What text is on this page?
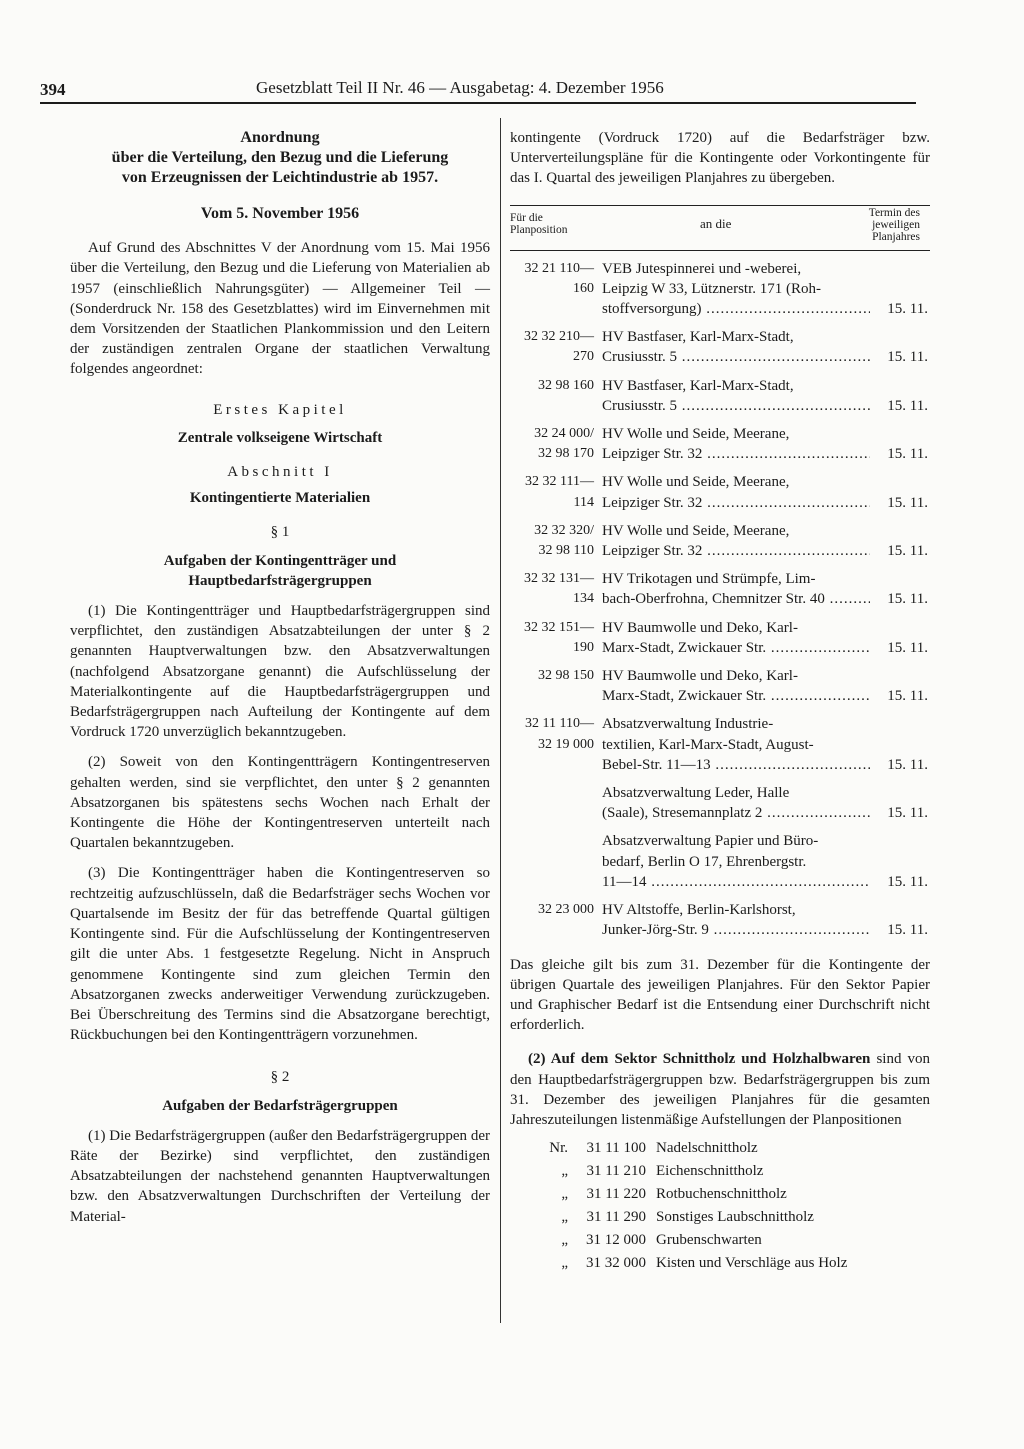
394	Gesetzblatt Teil II Nr. 46 — Ausgabetag: 4. Dezember 1956
Anordnung
über die Verteilung, den Bezug und die Lieferung
von Erzeugnissen der Leichtindustrie ab 1957.
Vom 5. November 1956

Auf Grund des Abschnittes V der Anordnung vom 15. Mai 1956 über die Verteilung, den Bezug und die Lieferung von Materialien ab 1957 (einschließlich Nahrungsgüter) — Allgemeiner Teil — (Sonderdruck Nr. 158 des Gesetzblattes) wird im Einvernehmen mit dem Vorsitzenden der Staatlichen Plankommission und den Leitern der zuständigen zentralen Organe der staatlichen Verwaltung folgendes angeordnet:

Erstes Kapitel
Zentrale volkseigene Wirtschaft
Abschnitt I
Kontingentierte Materialien
§ 1
Aufgaben der Kontingentträger und
Hauptbedarfsträgergruppen

(1) Die Kontingentträger und Hauptbedarfsträgergruppen sind verpflichtet, den zuständigen Absatzabteilungen der unter § 2 genannten Hauptverwaltungen bzw. den Absatzverwaltungen (nachfolgend Absatzorgane genannt) die Aufschlüsselung der Materialkontingente auf die Hauptbedarfsträgergruppen und Bedarfsträgergruppen nach Aufteilung der Kontingente auf dem Vordruck 1720 unverzüglich bekanntzugeben.

(2) Soweit von den Kontingentträgern Kontingentreserven gehalten werden, sind sie verpflichtet, den unter § 2 genannten Absatzorganen bis spätestens sechs Wochen nach Erhalt der Kontingente die Höhe der Kontingentreserven unterteilt nach Quartalen bekanntzugeben.

(3) Die Kontingentträger haben die Kontingentreserven so rechtzeitig aufzuschlüsseln, daß die Bedarfsträger sechs Wochen vor Quartalsende im Besitz der für das betreffende Quartal gültigen Kontingente sind. Für die Aufschlüsselung der Kontingentreserven gilt die unter Abs. 1 festgesetzte Regelung. Nicht in Anspruch genommene Kontingente sind zum gleichen Termin den Absatzorganen zwecks anderweitiger Verwendung zurückzugeben. Bei Überschreitung des Termins sind die Absatzorgane berechtigt, Rückbuchungen bei den Kontingentträgern vorzunehmen.

§ 2
Aufgaben der Bedarfsträgergruppen

(1) Die Bedarfsträgergruppen (außer den Bedarfsträgergruppen der Räte der Bezirke) sind verpflichtet, den zuständigen Absatzabteilungen der nachstehend genannten Hauptverwaltungen bzw. den Absatzverwaltungen Durchschriften der Verteilung der Material-

kontingente (Vordruck 1720) auf die Bedarfsträger bzw. Unterverteilungspläne für die Kontingente oder Vorkontingente für das I. Quartal des jeweiligen Planjahres zu übergeben.

Für die
Planposition	an die
Termin des
jeweiligen
Planjahres
32 21 110—
160
VEB Jutespinnerei und -weberei,
Leipzig W 33, Lütznerstr. 171 (Roh-
stoffversorgung) .....	15. 11.
32 32 210—
270
HV Bastfaser, Karl-Marx-Stadt,
Crusiusstr. 5 .....	15. 11.
32 98 160 HV Bastfaser, Karl-Marx-Stadt,
Crusiusstr. 5 .....	15. 11.
32 24 000/
32 98 170
HV Wolle und Seide, Meerane,
Leipziger Str. 32 .....	15. 11.
32 32 111—
114
HV Wolle und Seide, Meerane,
Leipziger Str. 32 .....	15. 11.
32 32 320/
32 98 110
HV Wolle und Seide, Meerane,
Leipziger Str. 32 .....	15. 11.
32 32 131—
134
HV Trikotagen und Strümpfe, Lim-
bach-Oberfrohna, Chemnitzer Str. 40 .....	15. 11.
32 32 151—
190
HV Baumwolle und Deko, Karl-
Marx-Stadt, Zwickauer Str. .....	15. 11.
32 98 150 HV Baumwolle und Deko, Karl-
Marx-Stadt, Zwickauer Str. .....	15. 11.
32 11 110—
32 19 000
Absatzverwaltung Industrie-
textilien, Karl-Marx-Stadt, August-
Bebel-Str. 11—13 .....	15. 11.
Absatzverwaltung Leder, Halle
(Saale), Stresemannplatz 2 .....	15. 11.
Absatzverwaltung Papier und Büro-
bedarf, Berlin O 17, Ehrenbergstr.
11—14 .....	15. 11.
32 23 000 HV Altstoffe, Berlin-Karlshorst,
Junker-Jörg-Str. 9 .....	15. 11.

Das gleiche gilt bis zum 31. Dezember für die Kontingente der übrigen Quartale des jeweiligen Planjahres. Für den Sektor Papier und Graphischer Bedarf ist die Entsendung einer Durchschrift nicht erforderlich.

(2) Auf dem Sektor Schnittholz und Holzhalbwaren sind von den Hauptbedarfsträgergruppen bzw. Bedarfsträgergruppen bis zum 31. Dezember des jeweiligen Planjahres für die gesamten Jahreszuteilungen listenmäßige Aufstellungen der Planpositionen

Nr.	31 11 100 Nadelschnittholz
„	31 11 210 Eichenschnittholz
„	31 11 220 Rotbuchenschnittholz
„	31 11 290 Sonstiges Laubschnittholz
„	31 12 000 Grubenschwarten
„	31 32 000 Kisten und Verschläge aus Holz
